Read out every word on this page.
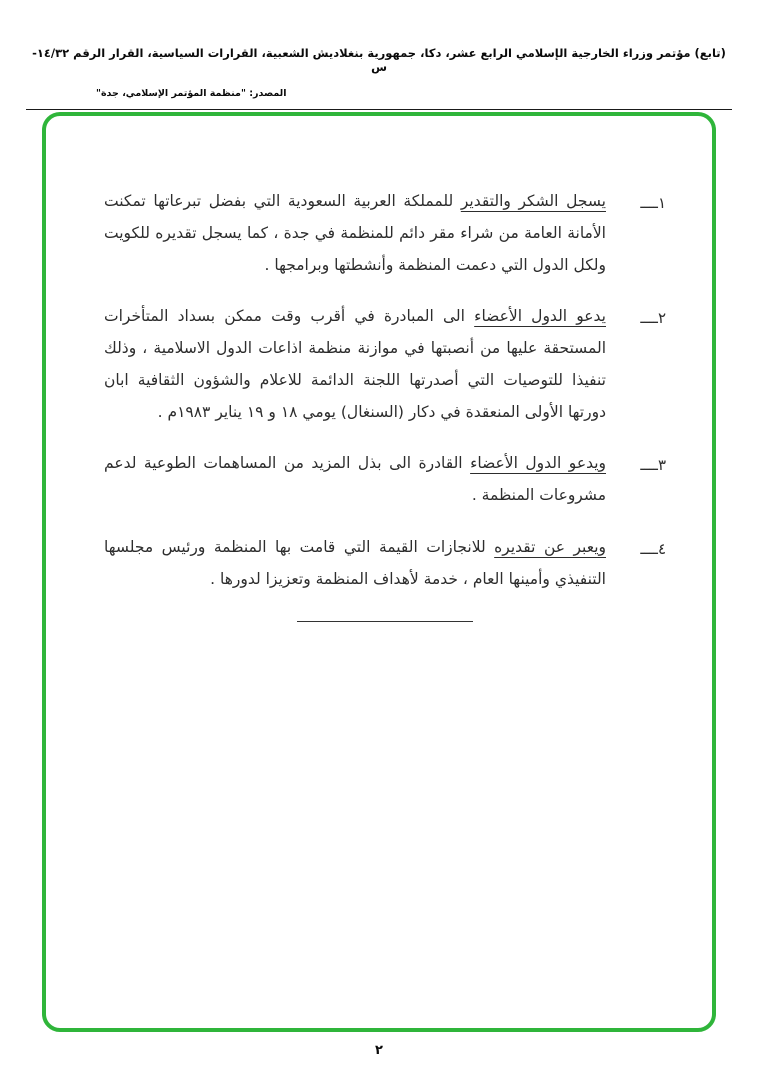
(تابع) مؤتمر وزراء الخارجية الإسلامي الرابع عشر، دكا، جمهورية بنغلاديش الشعبية، القرارات السياسية، القرار الرقم ١٤/٣٢- س
المصدر: "منظمة المؤتمر الإسلامي، جدة"
١ــــ
يسجل الشكر والتقدير للمملكة العربية السعودية التي بفضل تبرعاتها تمكنت الأمانة العامة من شراء مقر دائم للمنظمة في جدة ، كما يسجل تقديره للكويت ولكل الدول التي دعمت المنظمة وأنشطتها وبرامجها .
٢ــــ
يدعو الدول الأعضاء الى المبادرة في أقرب وقت ممكن بسداد المتأخرات المستحقة عليها من أنصبتها في موازنة منظمة اذاعات الدول الاسلامية ، وذلك تنفيذا للتوصيات التي أصدرتها اللجنة الدائمة للاعلام والشؤون الثقافية ابان دورتها الأولى المنعقدة في دكار (السنغال) يومي ١٨ و ١٩ يناير ١٩٨٣م .
٣ــــ
ويدعو الدول الأعضاء القادرة الى بذل المزيد من المساهمات الطوعية لدعم مشروعات المنظمة .
٤ــــ
ويعبر عن تقديره للانجازات القيمة التي قامت بها المنظمة ورئيس مجلسها التنفيذي وأمينها العام ، خدمة لأهداف المنظمة وتعزيزا لدورها .
٢
